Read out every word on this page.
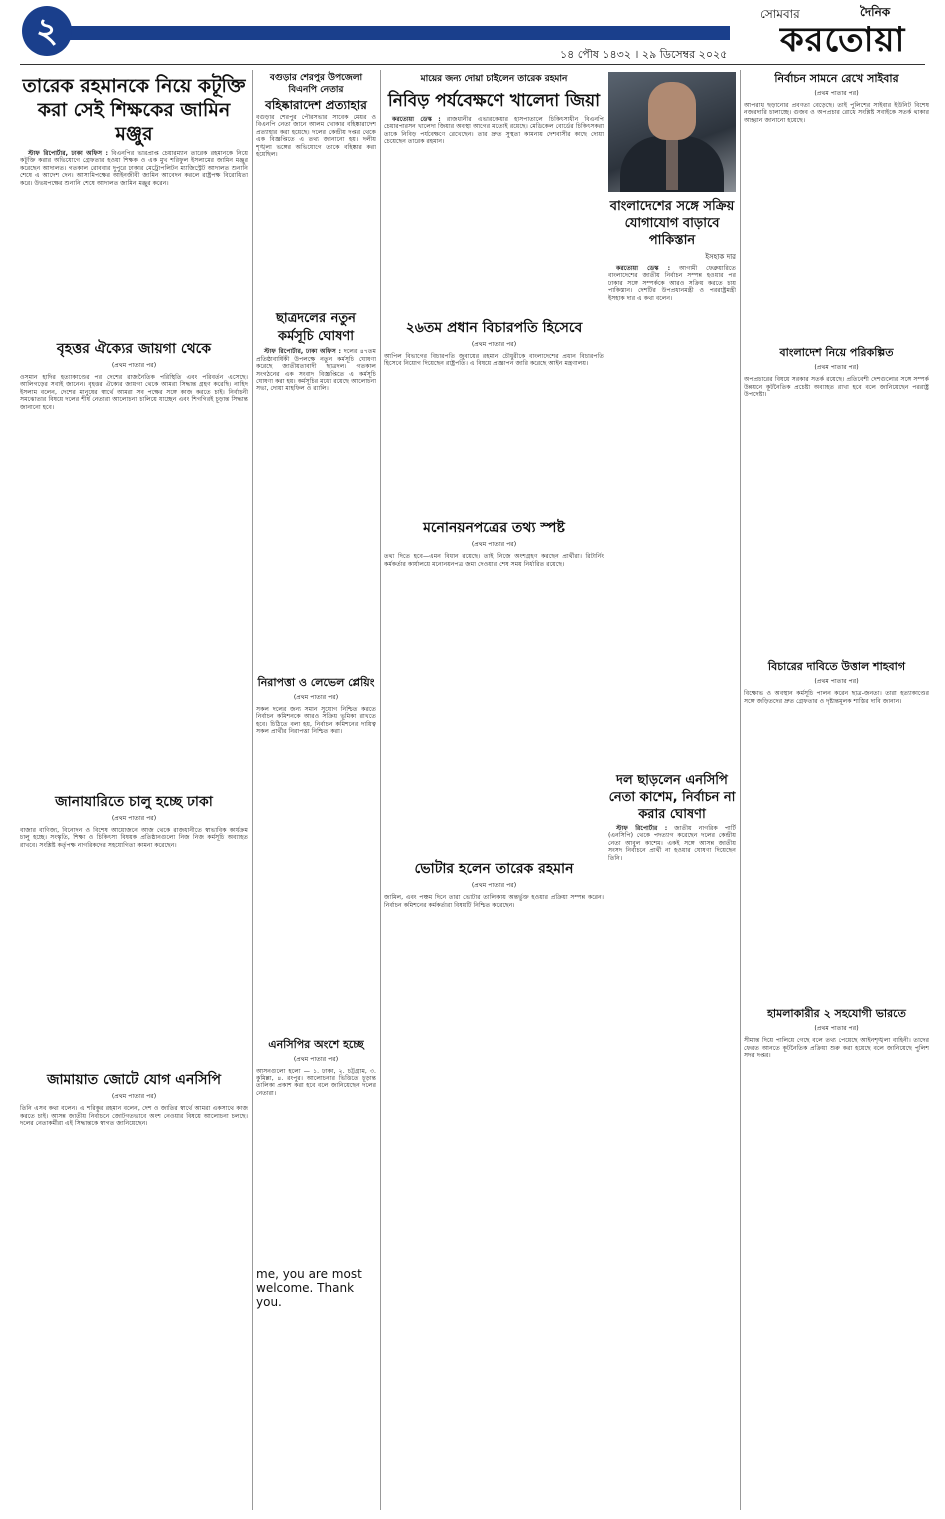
২
১৪ পৌষ ১৪৩২ । ২৯ ডিসেম্বর ২০২৫
সোমবার	দৈনিক
করতোয়া
তারেক রহমানকে নিয়ে কটূক্তি করা সেই শিক্ষকের জামিন মঞ্জুর

স্টাফ রিপোর্টার, ঢাকা অফিস : বিএনপির ভারপ্রাপ্ত চেয়ারম্যান তারেক রহমানকে নিয়ে কটূক্তি করার অভিযোগে গ্রেফতার হওয়া শিক্ষক ও এক মুখ শরিফুল ইসলামের জামিন মঞ্জুর করেছেন আদালত। গতকাল রোববার দুপুরে ঢাকার মেট্রোপলিটন ম্যাজিস্ট্রেট আদালত শুনানি শেষে এ আদেশ দেন। আসামিপক্ষের আইনজীবী জামিন আবেদন করলে রাষ্ট্রপক্ষ বিরোধিতা করে। উভয়পক্ষের শুনানি শেষে আদালত জামিন মঞ্জুর করেন।

বৃহত্তর ঐক্যের জায়গা থেকে
(প্রথম পাতার পর)
ওসমান হাদির হত্যাকাণ্ডের পর দেশের রাজনৈতিক পরিস্থিতি এবং পরিবর্তন এসেছে। আলিগড়ের সবাই জানেন। বৃহত্তর ঐক্যের জায়গা থেকে আমরা সিদ্ধান্ত গ্রহণ করেছি। নাহিদ ইসলাম বলেন, দেশের মানুষের স্বার্থে আমরা সব পক্ষের সঙ্গে কাজ করতে চাই। নির্বাচনী সমঝোতার বিষয়ে দলের শীর্ষ নেতারা আলোচনা চালিয়ে যাচ্ছেন এবং শিগগিরই চূড়ান্ত সিদ্ধান্ত জানানো হবে।
জানাযারিতে চালু হচ্ছে ঢাকা
(প্রথম পাতার পর)
বাজার বাণিজ্য, বিনোদন ও বিশেষ আয়োজনে আজ থেকে রাজধানীতে স্বাভাবিক কার্যক্রম চালু হচ্ছে। সংস্কৃতি, শিক্ষা ও চিকিৎসা বিষয়ক প্রতিষ্ঠানগুলো নিজ নিজ কর্মসূচি অব্যাহত রাখবে। সংশ্লিষ্ট কর্তৃপক্ষ নাগরিকদের সহযোগিতা কামনা করেছেন।
জামায়াত জোটে যোগ এনসিপি
(প্রথম পাতার পর)
তিনি এসব কথা বলেন। এ শরিকুর রহমান বলেন, দেশ ও জাতির স্বার্থে আমরা একসাথে কাজ করতে চাই। আসন্ন জাতীয় নির্বাচনে জোটগতভাবে অংশ নেওয়ার বিষয়ে আলোচনা চলছে। দলের নেতাকর্মীরা এই সিদ্ধান্তকে স্বাগত জানিয়েছেন।
বগুড়ার শেরপুর উপজেলা বিএনপি নেতার
বহিষ্কারাদেশ প্রত্যাহার
বগুড়ার শেরপুর পৌরসভার সাবেক মেয়র ও বিএনপি নেতা জানে আলম খোকার বহিষ্কারাদেশ প্রত্যাহার করা হয়েছে। দলের কেন্দ্রীয় দপ্তর থেকে এক বিজ্ঞপ্তিতে এ তথ্য জানানো হয়। দলীয় শৃঙ্খলা ভঙ্গের অভিযোগে তাকে বহিষ্কার করা হয়েছিল।
ছাত্রদলের নতুন কর্মসূচি ঘোষণা

স্টাফ রিপোর্টার, ঢাকা অফিস : দলের ৪৭তম প্রতিষ্ঠাবার্ষিকী উপলক্ষে নতুন কর্মসূচি ঘোষণা করেছে জাতীয়তাবাদী ছাত্রদল। গতকাল সংগঠনের এক সংবাদ বিজ্ঞপ্তিতে এ কর্মসূচি ঘোষণা করা হয়। কর্মসূচির মধ্যে রয়েছে আলোচনা সভা, দোয়া মাহফিল ও র‌্যালি।

নিরাপত্তা ও লেভেল প্লেয়িং
(প্রথম পাতার পর)
সকল দলের জন্য সমান সুযোগ নিশ্চিত করতে নির্বাচন কমিশনকে আরও সক্রিয় ভূমিকা রাখতে হবে। চিঠিতে বলা হয়, নির্বাচন কমিশনের দায়িত্ব সকল প্রার্থীর নিরাপত্তা নিশ্চিত করা।
এনসিপির অংশে হচ্ছে
(প্রথম পাতার পর)
আসনগুলো হলো — ১. ঢাকা, ২. চট্টগ্রাম, ৩. কুমিল্লা, ৪. রংপুর। আলোচনার ভিত্তিতে চূড়ান্ত তালিকা প্রকাশ করা হবে বলে জানিয়েছেন দলের নেতারা।
me, you are most welcome. Thank you.
মায়ের জন্য দোয়া চাইলেন তারেক রহমান
নিবিড় পর্যবেক্ষণে খালেদা জিয়া

করতোয়া ডেস্ক : রাজধানীর এভারকেয়ার হাসপাতালে চিকিৎসাধীন বিএনপি চেয়ারপারসন খালেদা জিয়ার অবস্থা আগের মতোই রয়েছে। মেডিকেল বোর্ডের চিকিৎসকরা তাকে নিবিড় পর্যবেক্ষণে রেখেছেন। তার দ্রুত সুস্থতা কামনায় দেশবাসীর কাছে দোয়া চেয়েছেন তারেক রহমান।

২৬তম প্রধান বিচারপতি হিসেবে
(প্রথম পাতার পর)
আপিল বিভাগের বিচারপতি জুবায়ের রহমান চৌধুরীকে বাংলাদেশের প্রধান বিচারপতি হিসেবে নিয়োগ দিয়েছেন রাষ্ট্রপতি। এ বিষয়ে প্রজ্ঞাপন জারি করেছে আইন মন্ত্রণালয়।
মনোনয়নপত্রের তথ্য স্পষ্ট
(প্রথম পাতার পর)
তথ্য দিতে হবে—এমন বিধান রয়েছে। তাই নিজে অংশগ্রহণ করছেন প্রার্থীরা। রিটার্নিং কর্মকর্তার কার্যালয়ে মনোনয়নপত্র জমা দেওয়ার শেষ সময় নির্ধারিত রয়েছে।
ভোটার হলেন তারেক রহমান
(প্রথম পাতার পর)
জামিল, এবং পঞ্চম দিনে তারা ভোটার তালিকায় অন্তর্ভুক্ত হওয়ার প্রক্রিয়া সম্পন্ন করেন। নির্বাচন কমিশনের কর্মকর্তারা বিষয়টি নিশ্চিত করেছেন।
বাংলাদেশের সঙ্গে সক্রিয় যোগাযোগ বাড়াবে পাকিস্তান
ইসহাক দার

করতোয়া ডেস্ক : আগামী ফেব্রুয়ারিতে বাংলাদেশের জাতীয় নির্বাচন সম্পন্ন হওয়ার পর ঢাকার সঙ্গে সম্পর্ককে আরও সক্রিয় করতে চায় পাকিস্তান। দেশটির উপপ্রধানমন্ত্রী ও পররাষ্ট্রমন্ত্রী ইসহাক দার এ কথা বলেন।

দল ছাড়লেন এনসিপি নেতা কাশেম, নির্বাচন না করার ঘোষণা

স্টাফ রিপোর্টার : জাতীয় নাগরিক পার্টি (এনসিপি) থেকে পদত্যাগ করেছেন দলের কেন্দ্রীয় নেতা আবুল কাশেম। একই সঙ্গে আসন্ন জাতীয় সংসদ নির্বাচনে প্রার্থী না হওয়ার ঘোষণা দিয়েছেন তিনি।

নির্বাচন সামনে রেখে সাইবার
(প্রথম পাতার পর)
আপরাধ ছড়ানোর প্রবণতা বেড়েছে। তাই পুলিশের সাইবার ইউনিট বিশেষ নজরদারি চালাচ্ছে। গুজব ও অপপ্রচার রোধে সংশ্লিষ্ট সবাইকে সতর্ক থাকার আহ্বান জানানো হয়েছে।
বাংলাদেশ নিয়ে পরিকল্পিত
(প্রথম পাতার পর)
অপপ্রচারের বিষয়ে সরকার সতর্ক রয়েছে। প্রতিবেশী দেশগুলোর সঙ্গে সম্পর্ক উন্নয়নে কূটনৈতিক প্রচেষ্টা অব্যাহত রাখা হবে বলে জানিয়েছেন পররাষ্ট্র উপদেষ্টা।
বিচারের দাবিতে উত্তাল শাহবাগ
(প্রথম পাতার পর)
বিক্ষোভ ও অবস্থান কর্মসূচি পালন করেন ছাত্র-জনতা। তারা হত্যাকাণ্ডের সঙ্গে জড়িতদের দ্রুত গ্রেফতার ও দৃষ্টান্তমূলক শাস্তির দাবি জানান।
হামলাকারীর ২ সহযোগী ভারতে
(প্রথম পাতার পর)
সীমান্ত দিয়ে পালিয়ে গেছে বলে তথ্য পেয়েছে আইনশৃঙ্খলা বাহিনী। তাদের ফেরত আনতে কূটনৈতিক প্রক্রিয়া শুরু করা হয়েছে বলে জানিয়েছে পুলিশ সদর দপ্তর।
